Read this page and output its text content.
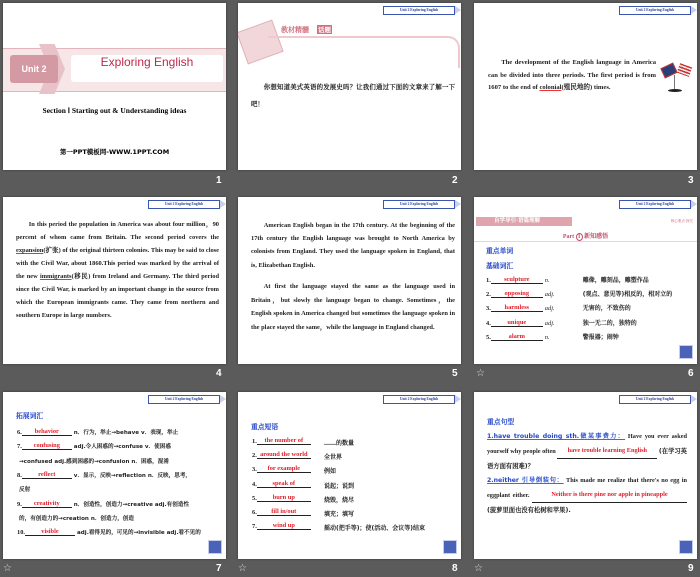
Unit 2	Exploring English
Section Ⅰ Starting out & Understanding ideas
第一PPT模板网-WWW.1PPT.COM
1
Unit 2 Exploring English
教材精髓 话题
你想知道美式英语的发展史吗？让我们通过下面的文章来了解一下吧！
2
Unit 2 Exploring English
The development of the English language in America can be divided into three periods. The first period is from 1607 to the end of colonial(殖民地的) times.
3
Unit 2 Exploring English
In this period the population in America was about four million，90 percent of whom came from Britain. The second period covers the expansion(扩张) of the original thirteen colonies. This may be said to close with the Civil War, about 1860.This period was marked by the arrival of the new immigrants(移民) from Ireland and Germany. The third period since the Civil War, is marked by an important change in the source from which the European immigrants came. They came from northern and southern Europe in large numbers.
4
Unit 2 Exploring English
American English began in the 17th century. At the beginning of the 17th century the English language was brought to North America by colonists from England. They used the language spoken in England, that is, Elizabethan English.
At first the language stayed the same as the language used in Britain，but slowly the language began to change. Sometimes，the English spoken in America changed but sometimes the language spoken in the place stayed the same，while the language in England changed.
5
Unit 2 Exploring English
自学导引·语篇理解	核心要点·探究
Part 1 新知感悟
重点单词
基础词汇
1. sculpture n.	雕像，雕刻品，雕塑作品
2. opposing adj.	(观点、意见等)相反的，相对立的
3. harmless adj.	无害的，不致伤的
4.	unique	adj.	独一无二的，独特的
5.	alarm	n.	警报器；闹钟
☆	6
Unit 2 Exploring English
拓展词汇
6. behavior	n．行为，举止→behave v．表现，举止
7. confusing adj.令人困惑的→confuse v．使困惑
→confused adj.感到困惑的→confusion n．困惑，混淆
8.	reflect	v．显示，反映→reflection n．反映，思考，
反射
9. creativity	n．创造性，创造力→creative adj.有创造性
的，有创造力的→creation n．创造力，创造
10.	visible	adj.看得见的，可见的→invisible adj.看不见的
☆	7
Unit 2 Exploring English
重点短语
1. the number of	……的数量
2. around the world	全世界
3. for example	例如
4. speak of	说起；说到
5. burn up	烧毁，烧尽
6. fill in/out	填充；填写
7. wind up	摇动(把手等)；使(活动、会议等)结束
☆	8
Unit 2 Exploring English
重点句型
1.have trouble doing sth.做某事费力： Have you ever asked yourself why people often have trouble learning English (在学习英语方面有困难)？
2.neither 引导倒装句： This made me realize that there's no egg in eggplant either.	Neither is there pine nor apple in pineapple (菠萝里面也没有松树和苹果).
☆	9
